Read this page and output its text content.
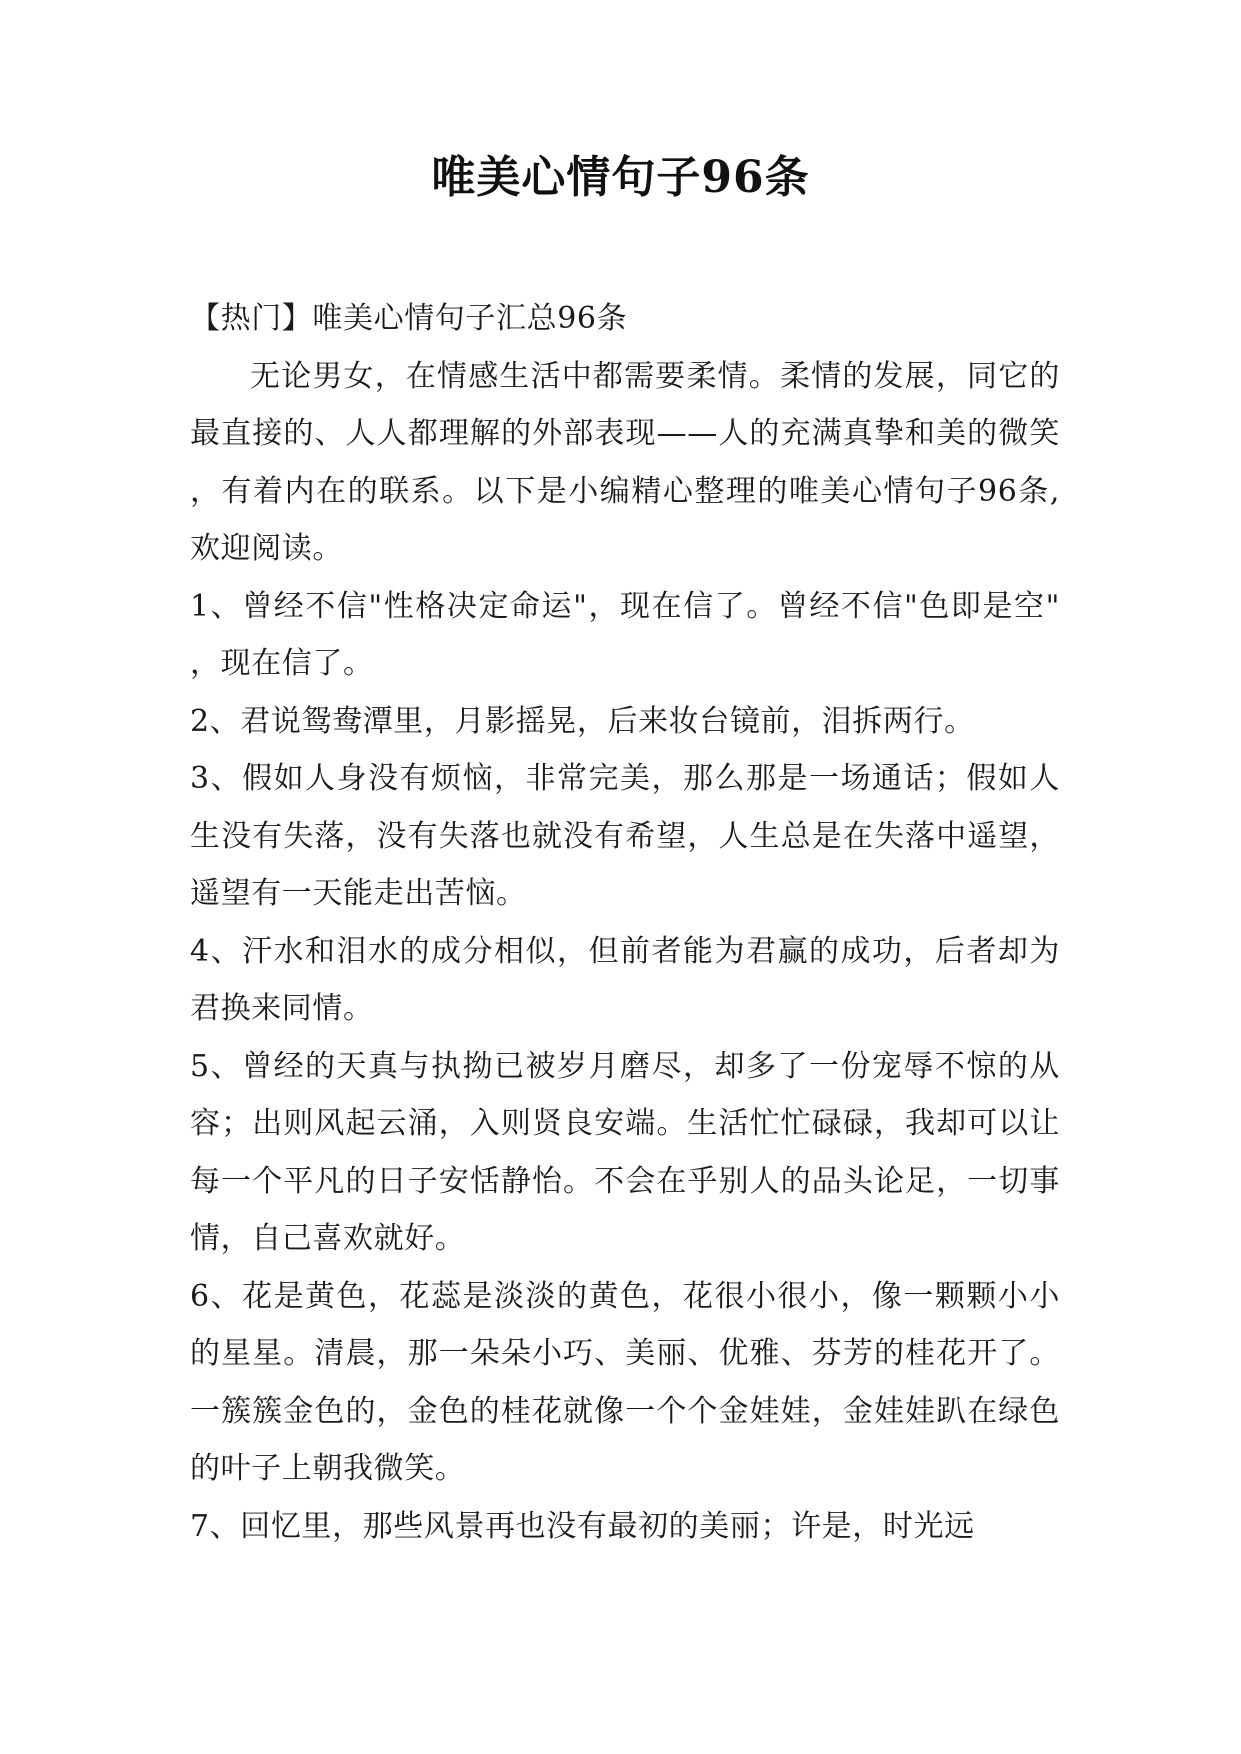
唯美心情句子96条

【热门】唯美心情句子汇总96条

无论男女，在情感生活中都需要柔情。柔情的发展，同它的最直接的、人人都理解的外部表现——人的充满真挚和美的微笑，有着内在的联系。以下是小编精心整理的唯美心情句子96条,欢迎阅读。

1、曾经不信"性格决定命运"，现在信了。曾经不信"色即是空"，现在信了。

2、君说鸳鸯潭里，月影摇晃，后来妆台镜前，泪拆两行。

3、假如人身没有烦恼，非常完美，那么那是一场通话；假如人生没有失落，没有失落也就没有希望，人生总是在失落中遥望，遥望有一天能走出苦恼。

4、汗水和泪水的成分相似，但前者能为君赢的成功，后者却为君换来同情。

5、曾经的天真与执拗已被岁月磨尽，却多了一份宠辱不惊的从容；出则风起云涌，入则贤良安端。生活忙忙碌碌，我却可以让每一个平凡的日子安恬静怡。不会在乎别人的品头论足，一切事情，自己喜欢就好。

6、花是黄色，花蕊是淡淡的黄色，花很小很小，像一颗颗小小的星星。清晨，那一朵朵小巧、美丽、优雅、芬芳的桂花开了。一簇簇金色的，金色的桂花就像一个个金娃娃，金娃娃趴在绿色的叶子上朝我微笑。

7、回忆里，那些风景再也没有最初的美丽；许是，时光远
